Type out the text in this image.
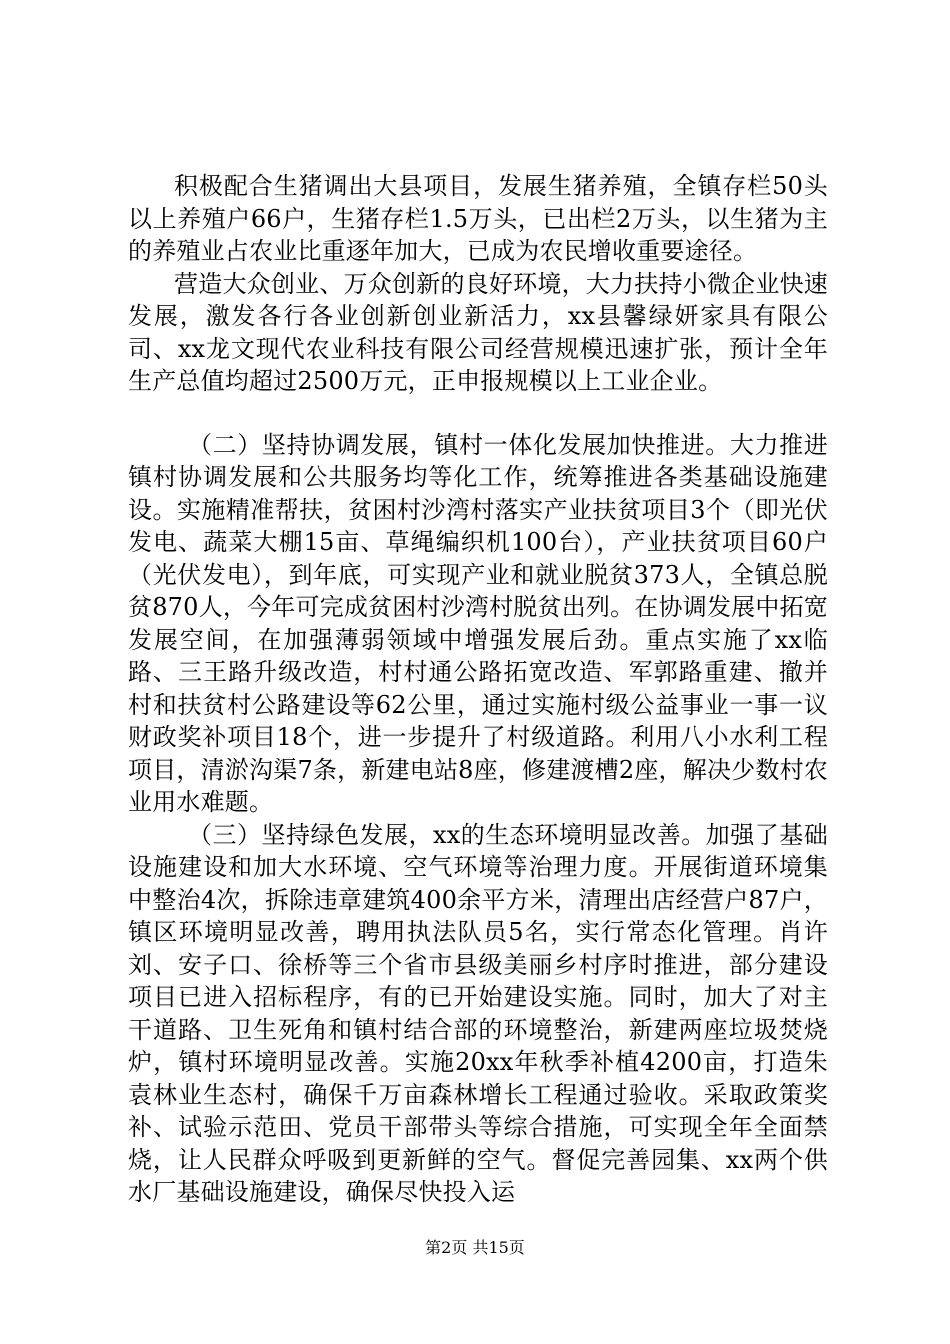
积极配合生猪调出大县项目，发展生猪养殖，全镇存栏50头以上养殖户66户，生猪存栏1.5万头，已出栏2万头，以生猪为主的养殖业占农业比重逐年加大，已成为农民增收重要途径。

营造大众创业、万众创新的良好环境，大力扶持小微企业快速发展，激发各行各业创新创业新活力，xx县馨绿妍家具有限公司、xx龙文现代农业科技有限公司经营规模迅速扩张，预计全年生产总值均超过2500万元，正申报规模以上工业企业。

（二）坚持协调发展，镇村一体化发展加快推进。大力推进镇村协调发展和公共服务均等化工作，统筹推进各类基础设施建设。实施精准帮扶，贫困村沙湾村落实产业扶贫项目3个（即光伏发电、蔬菜大棚15亩、草绳编织机100台），产业扶贫项目60户（光伏发电），到年底，可实现产业和就业脱贫373人，全镇总脱贫870人，今年可完成贫困村沙湾村脱贫出列。在协调发展中拓宽发展空间，在加强薄弱领域中增强发展后劲。重点实施了xx临路、三王路升级改造，村村通公路拓宽改造、军郭路重建、撤并村和扶贫村公路建设等62公里，通过实施村级公益事业一事一议财政奖补项目18个，进一步提升了村级道路。利用八小水利工程项目，清淤沟渠7条，新建电站8座，修建渡槽2座，解决少数村农业用水难题。

（三）坚持绿色发展，xx的生态环境明显改善。加强了基础设施建设和加大水环境、空气环境等治理力度。开展街道环境集中整治4次，拆除违章建筑400余平方米，清理出店经营户87户，镇区环境明显改善，聘用执法队员5名，实行常态化管理。肖许刘、安子口、徐桥等三个省市县级美丽乡村序时推进，部分建设项目已进入招标程序，有的已开始建设实施。同时，加大了对主干道路、卫生死角和镇村结合部的环境整治，新建两座垃圾焚烧炉，镇村环境明显改善。实施20xx年秋季补植4200亩，打造朱袁林业生态村，确保千万亩森林增长工程通过验收。采取政策奖补、试验示范田、党员干部带头等综合措施，可实现全年全面禁烧，让人民群众呼吸到更新鲜的空气。督促完善园集、xx两个供水厂基础设施建设，确保尽快投入运

第2页 共15页
